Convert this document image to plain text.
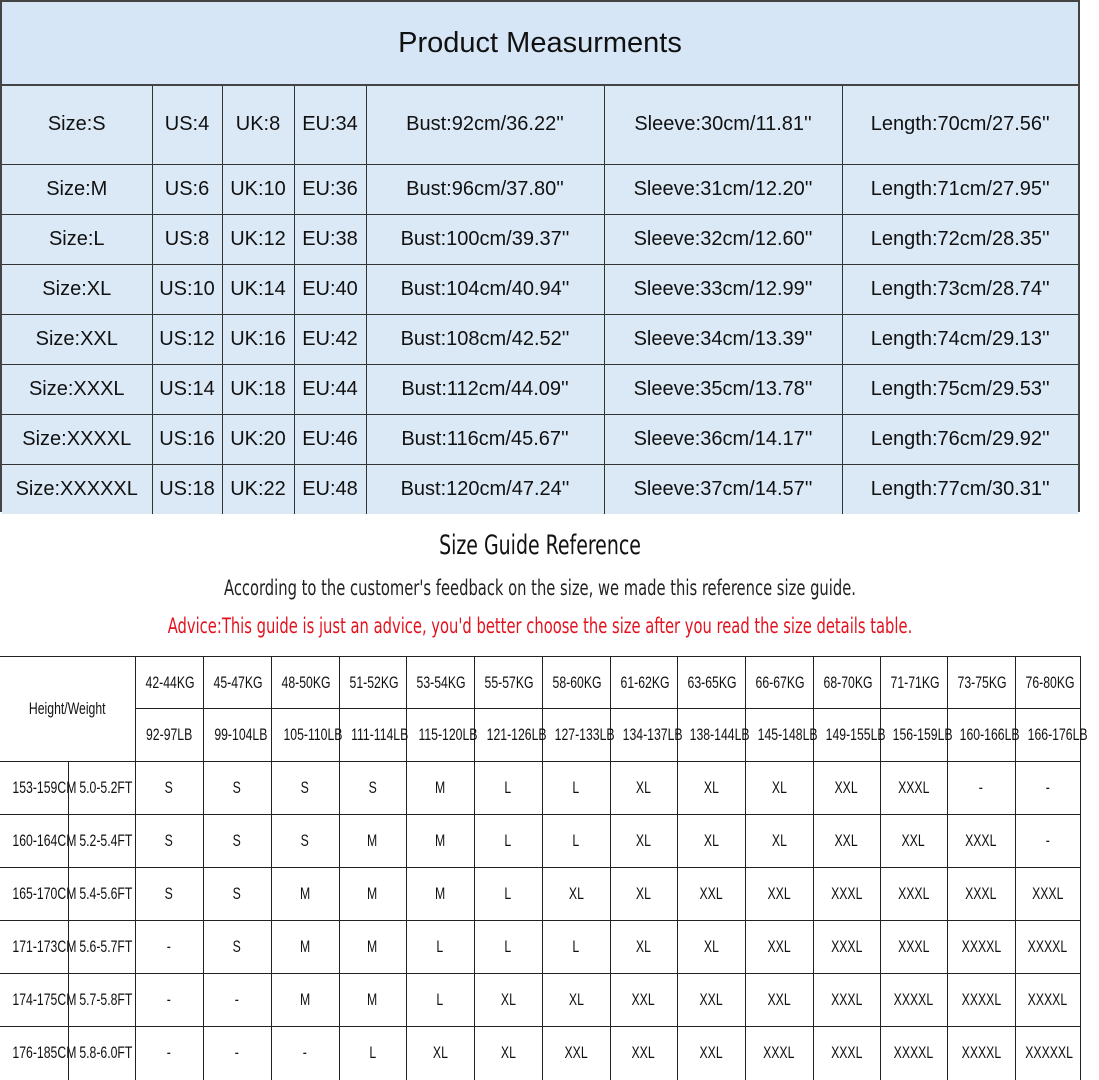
Product Measurments
Size:S	US:4	UK:8	EU:34	Bust:92cm/36.22''	Sleeve:30cm/11.81''	Length:70cm/27.56''
Size:M	US:6	UK:10	EU:36	Bust:96cm/37.80''	Sleeve:31cm/12.20''	Length:71cm/27.95''
Size:L	US:8	UK:12	EU:38	Bust:100cm/39.37''	Sleeve:32cm/12.60''	Length:72cm/28.35''
Size:XL	US:10	UK:14	EU:40	Bust:104cm/40.94''	Sleeve:33cm/12.99''	Length:73cm/28.74''
Size:XXL	US:12	UK:16	EU:42	Bust:108cm/42.52''	Sleeve:34cm/13.39''	Length:74cm/29.13''
Size:XXXL	US:14	UK:18	EU:44	Bust:112cm/44.09''	Sleeve:35cm/13.78''	Length:75cm/29.53''
Size:XXXXL	US:16	UK:20	EU:46	Bust:116cm/45.67''	Sleeve:36cm/14.17''	Length:76cm/29.92''
Size:XXXXXL	US:18	UK:22	EU:48	Bust:120cm/47.24''	Sleeve:37cm/14.57''	Length:77cm/30.31''
Size Guide Reference
According to the customer's feedback on the size, we made this reference size guide.
Advice:This guide is just an advice, you'd better choose the size after you read the size details table.
Height/Weight		42-44KG	45-47KG	48-50KG	51-52KG	53-54KG	55-57KG	58-60KG	61-62KG	63-65KG	66-67KG	68-70KG	71-71KG	73-75KG	76-80KG
		92-97LB	99-104LB	105-110LB	111-114LB	115-120LB	121-126LB	127-133LB	134-137LB	138-144LB	145-148LB	149-155LB	156-159LB	160-166LB	166-176LB
153-159CM	5.0-5.2FT	S	S	S	S	M	L	L	XL	XL	XL	XXL	XXXL	-	-
160-164CM	5.2-5.4FT	S	S	S	M	M	L	L	XL	XL	XL	XXL	XXL	XXXL	-
165-170CM	5.4-5.6FT	S	S	M	M	M	L	XL	XL	XXL	XXL	XXXL	XXXL	XXXL	XXXL
171-173CM	5.6-5.7FT	-	S	M	M	L	L	L	XL	XL	XXL	XXXL	XXXL	XXXXL	XXXXL
174-175CM	5.7-5.8FT	-	-	M	M	L	XL	XL	XXL	XXL	XXL	XXXL	XXXXL	XXXXL	XXXXL
176-185CM	5.8-6.0FT	-	-	-	L	XL	XL	XXL	XXL	XXL	XXXL	XXXL	XXXXL	XXXXL	XXXXXL
